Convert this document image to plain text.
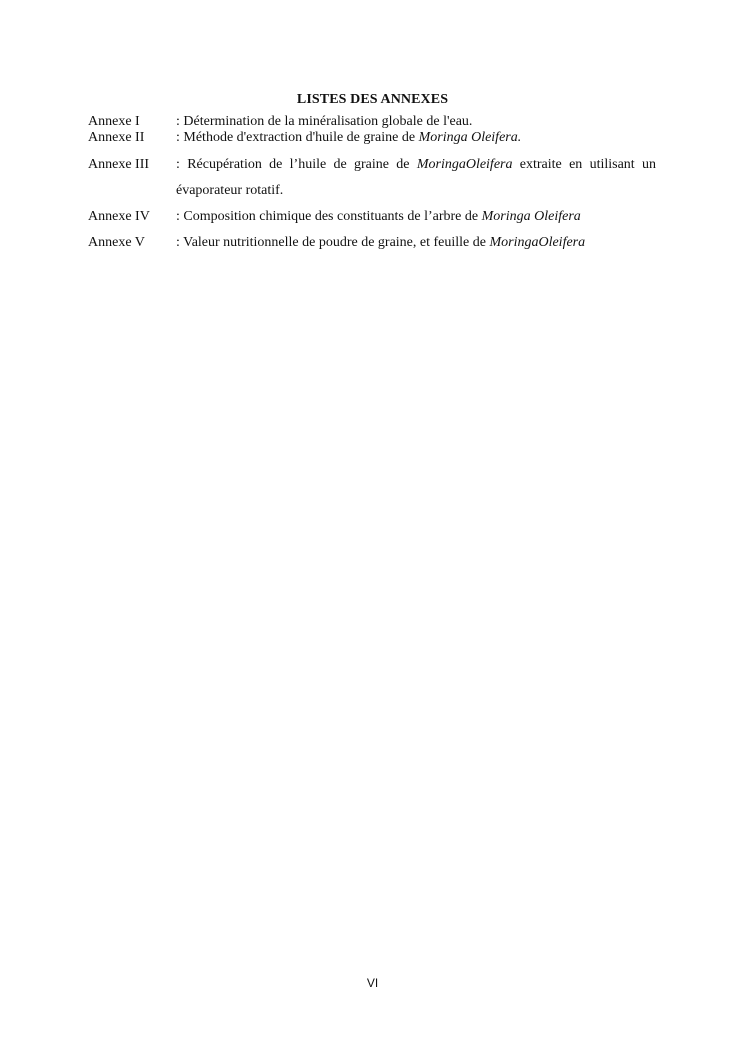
LISTES DES ANNEXES
Annexe I	: Détermination de la minéralisation globale de l'eau.
Annexe II	: Méthode d'extraction d'huile de graine de Moringa Oleifera.
Annexe III	: Récupération de l’huile de graine de MoringaOleifera extraite en utilisant un
évaporateur rotatif.
Annexe IV	: Composition chimique des constituants de l’arbre de Moringa Oleifera
Annexe V	: Valeur nutritionnelle de poudre de graine, et feuille de MoringaOleifera
VI
